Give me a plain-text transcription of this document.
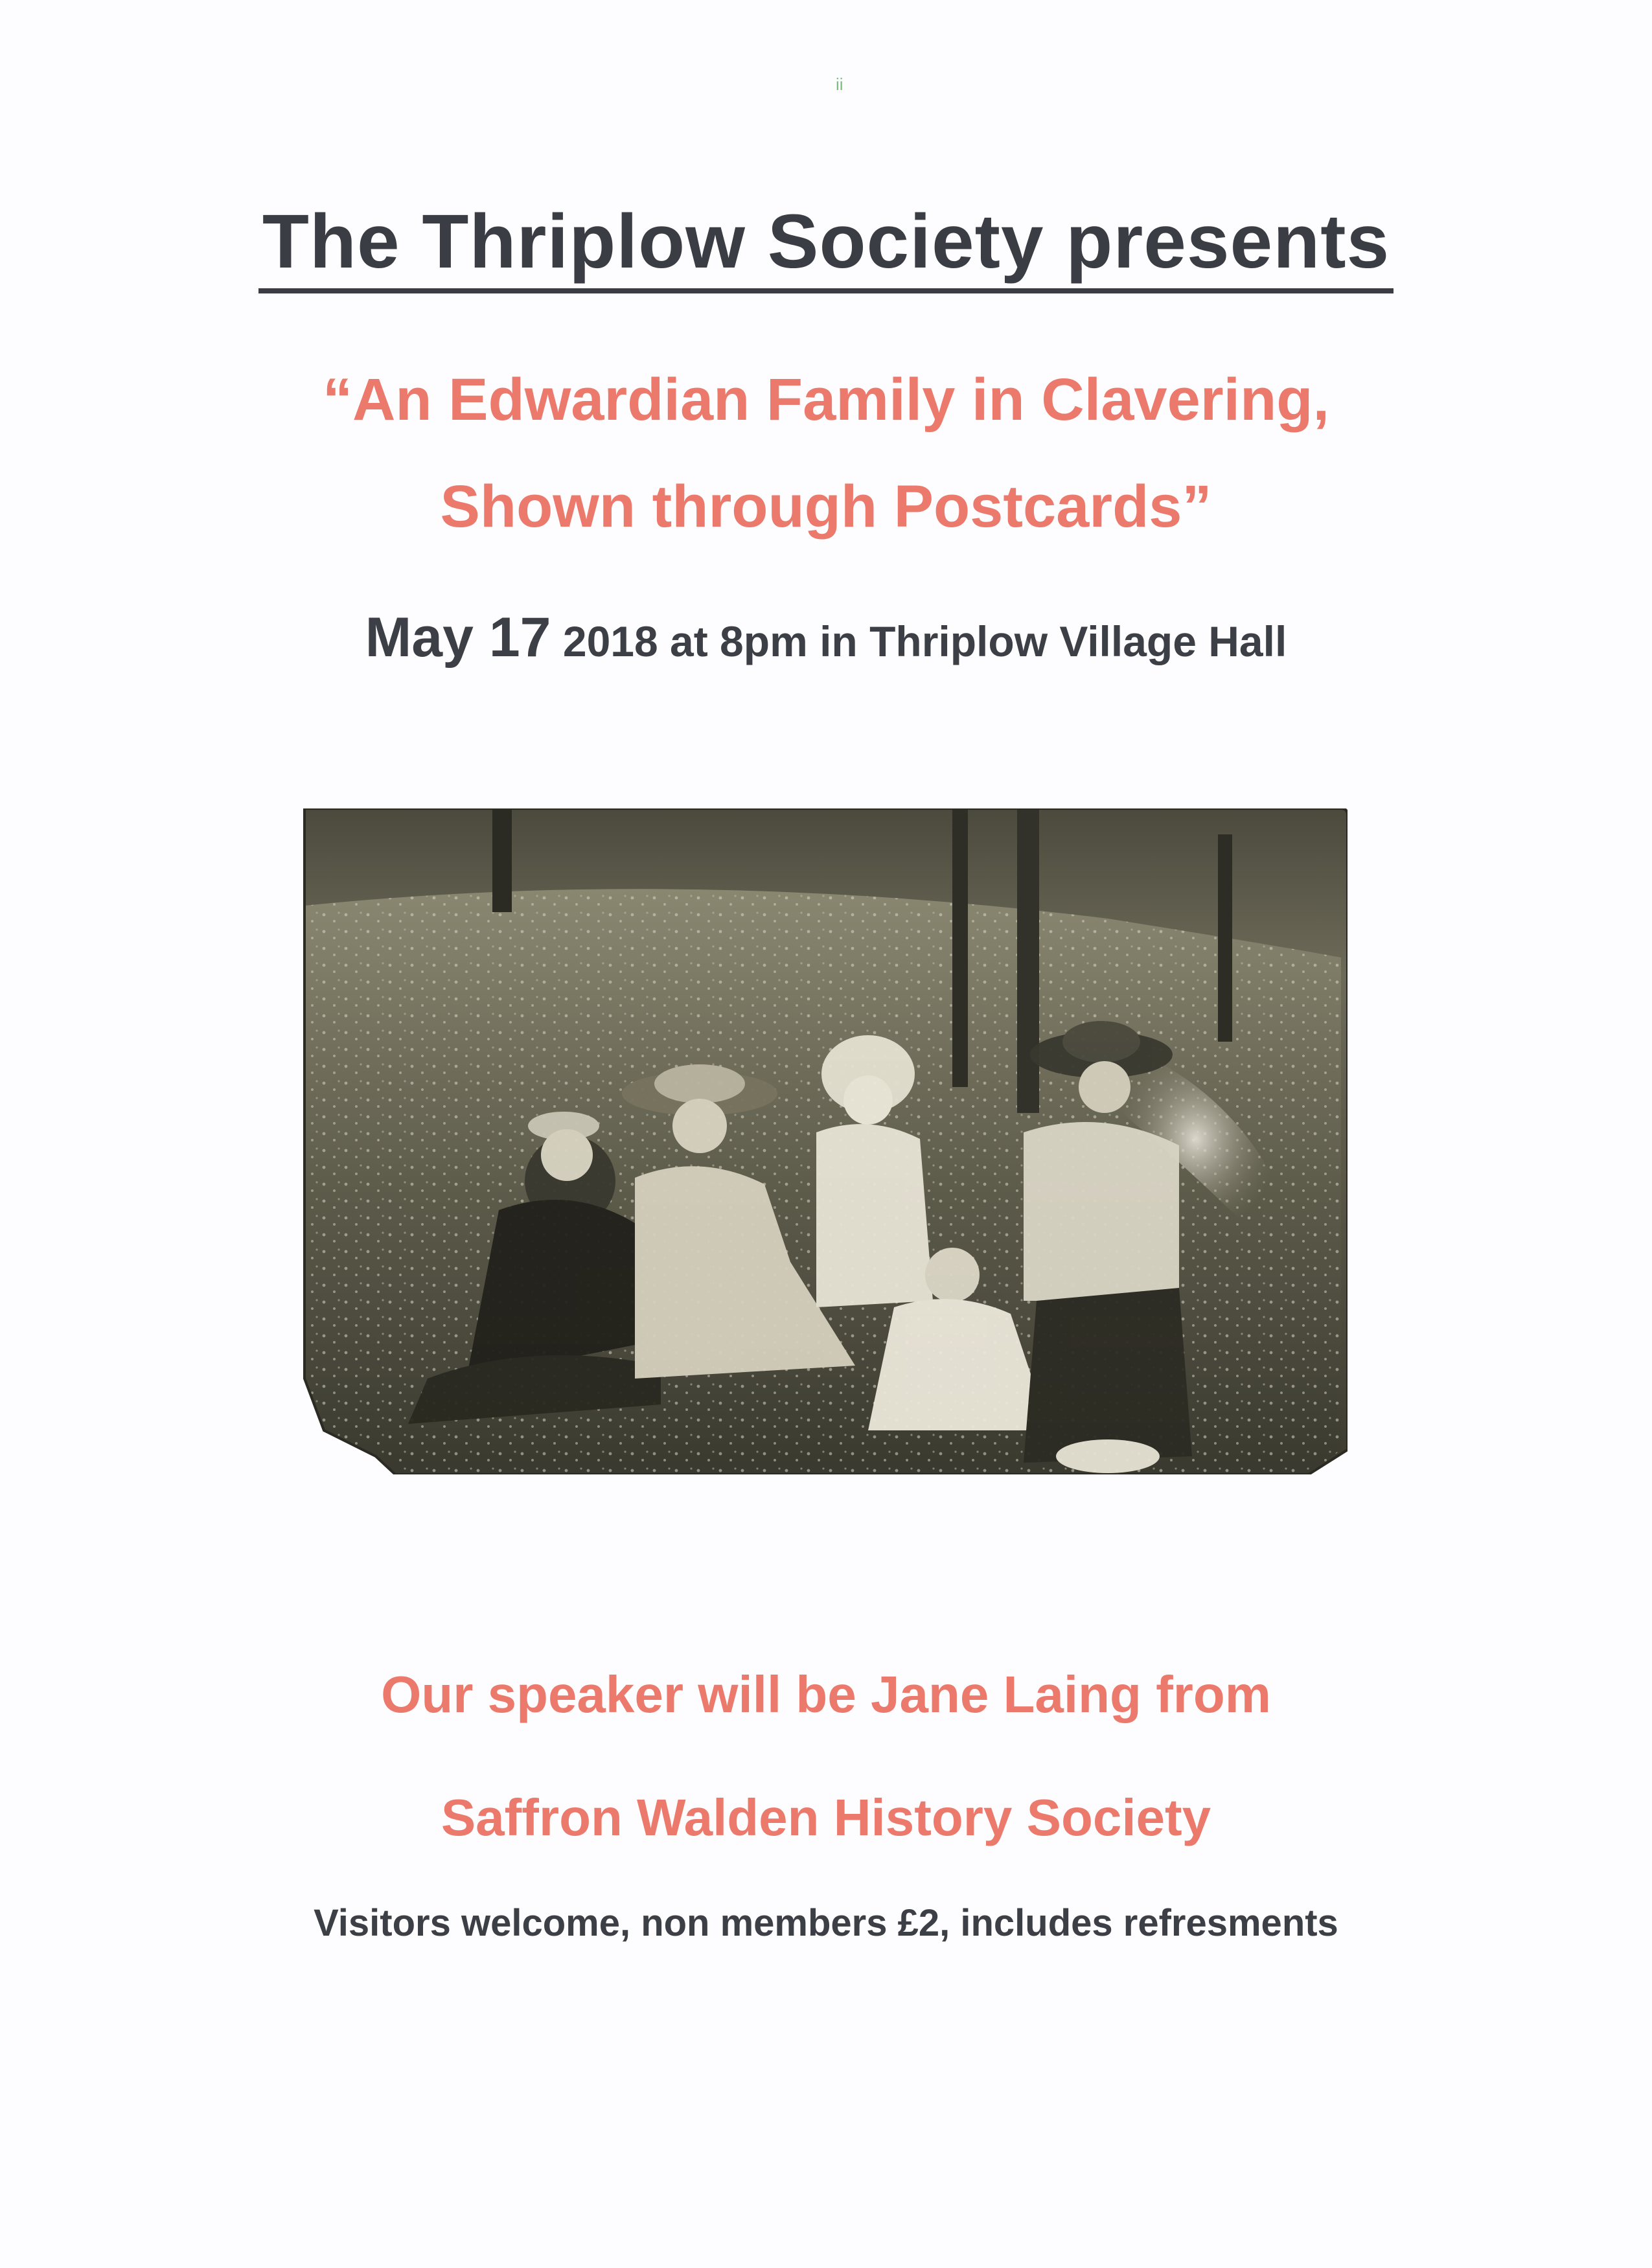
ii
The Thriplow Society presents
“An Edwardian Family in Clavering,
Shown through Postcards”
May 17 2018 at 8pm in Thriplow Village Hall
Our speaker will be Jane Laing from
Saffron Walden History Society
Visitors welcome, non members £2, includes refresments
